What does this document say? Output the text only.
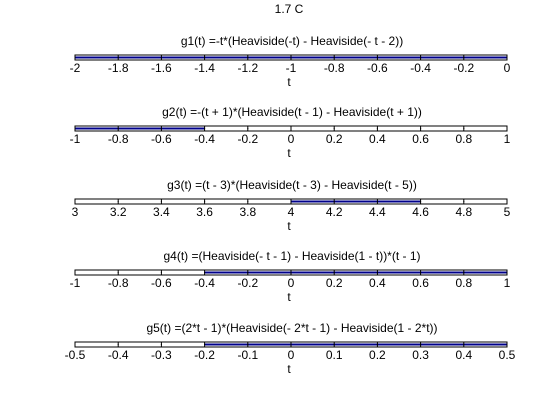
1.7 C
g1(t) =-t*(Heaviside(-t) - Heaviside(- t - 2))
-2 -1.8 -1.6 -1.4 -1.2 -1 -0.8 -0.6 -0.4 -0.2 0
t
g2(t) =-(t + 1)*(Heaviside(t - 1) - Heaviside(t + 1))
-1 -0.8 -0.6 -0.4 -0.2 0	0.2 0.4 0.6 0.8	1
t
g3(t) =(t - 3)*(Heaviside(t - 3) - Heaviside(t - 5))
3	3.2 3.4 3.6 3.8	4	4.2 4.4 4.6 4.8	5
t
g4(t) =(Heaviside(- t - 1) - Heaviside(1 - t))*(t - 1)
-1 -0.8 -0.6 -0.4 -0.2 0	0.2 0.4 0.6 0.8	1
t
g5(t) =(2*t - 1)*(Heaviside(- 2*t - 1) - Heaviside(1 - 2*t))
-0.5 -0.4 -0.3 -0.2 -0.1 0	0.1 0.2 0.3 0.4 0.5
t
